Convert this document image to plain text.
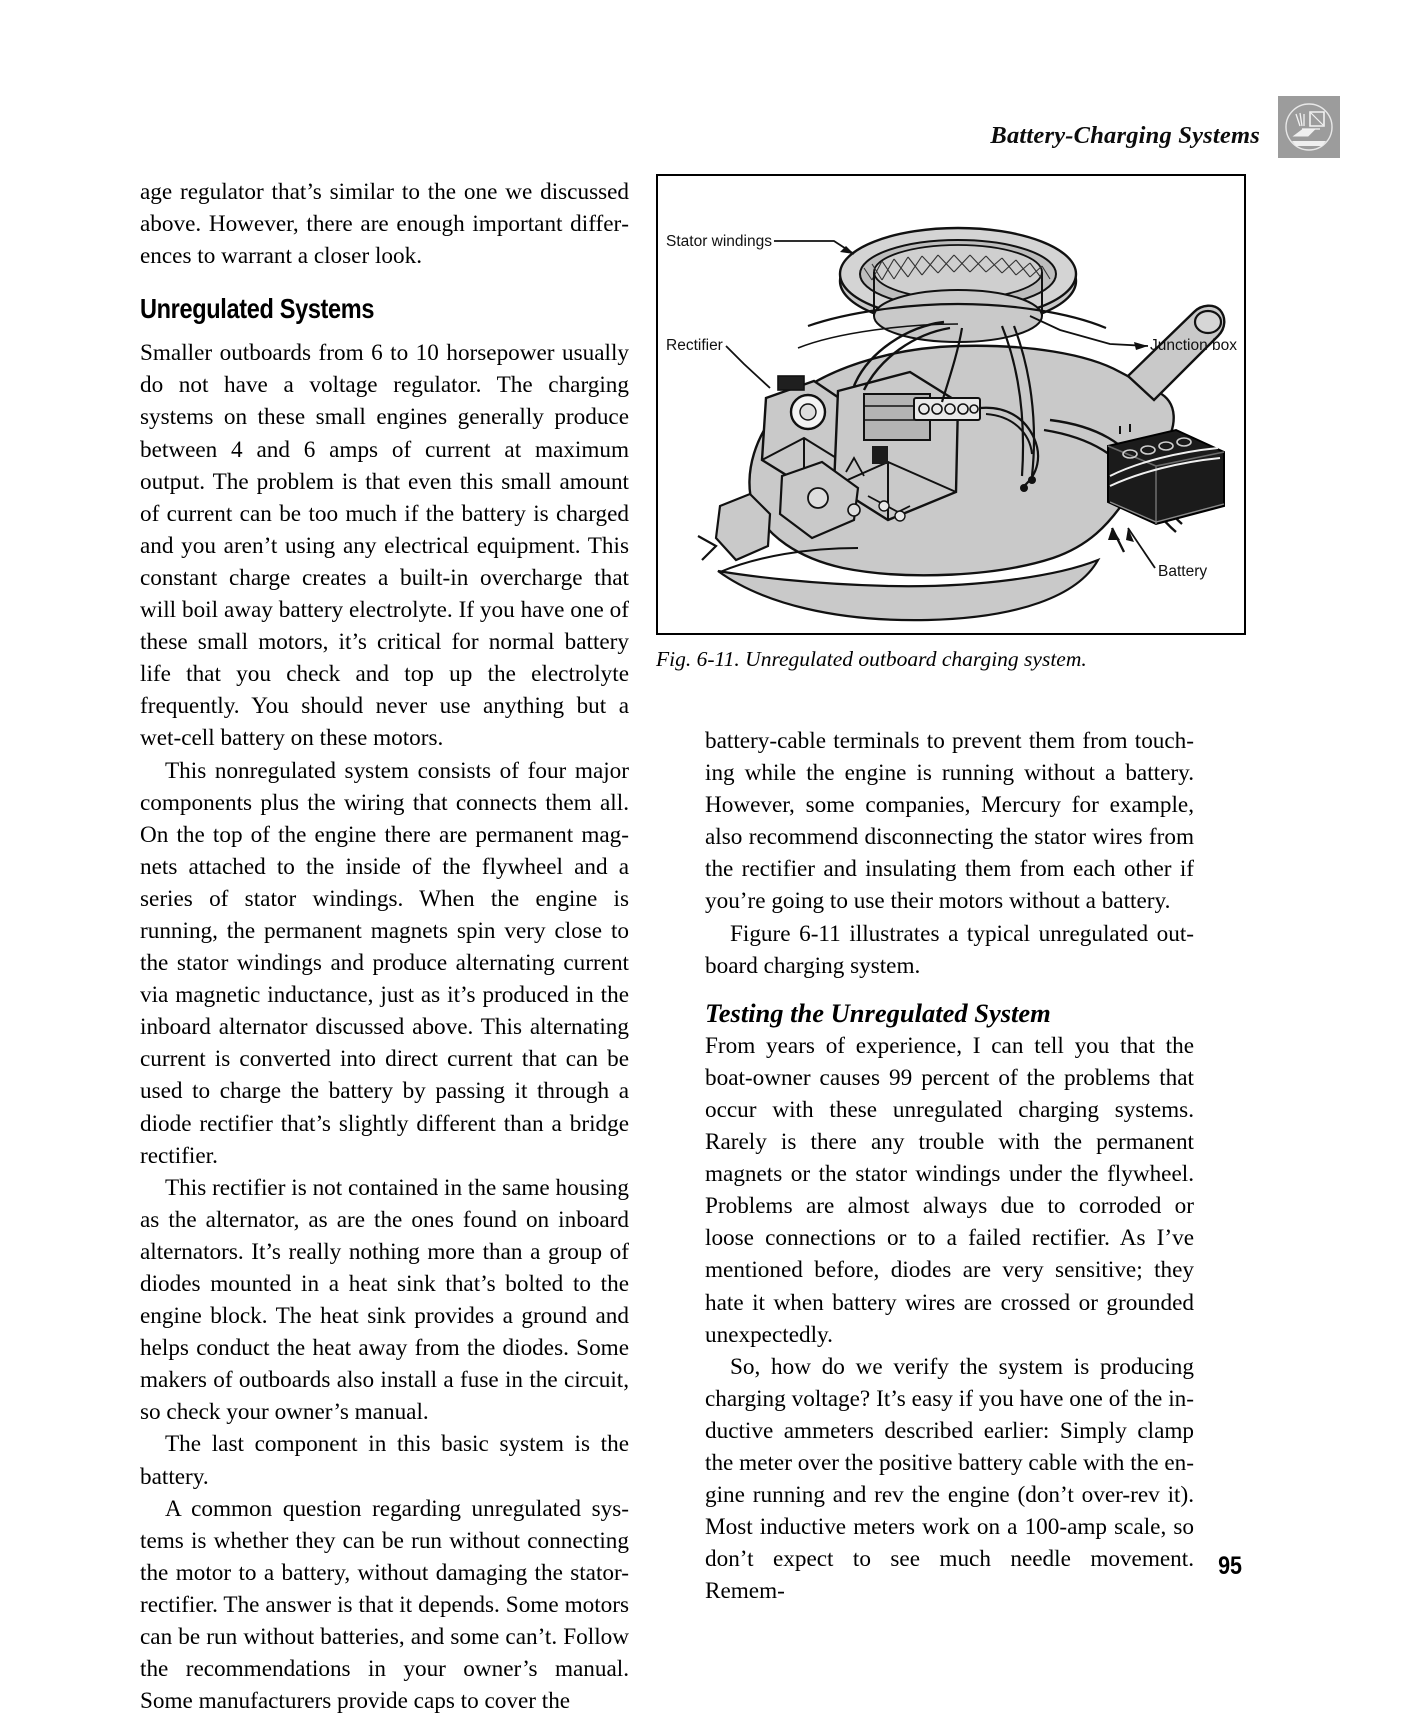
Battery-Charging Systems

age regulator that’s similar to the one we discussed above. However, there are enough important differences to warrant a closer look.

Unregulated Systems

Smaller outboards from 6 to 10 horsepower usually do not have a voltage regulator. The charging systems on these small engines generally produce between 4 and 6 amps of current at maximum output. The problem is that even this small amount of current can be too much if the battery is charged and you aren’t using any electrical equipment. This constant charge creates a built-in overcharge that will boil away battery electrolyte. If you have one of these small motors, it’s critical for normal battery life that you check and top up the electrolyte frequently. You should never use anything but a wet-cell battery on these motors.

This nonregulated system consists of four major components plus the wiring that connects them all. On the top of the engine there are permanent magnets attached to the inside of the flywheel and a series of stator windings. When the engine is running, the permanent magnets spin very close to the stator windings and produce alternating current via magnetic inductance, just as it’s produced in the inboard alternator discussed above. This alternating current is converted into direct current that can be used to charge the battery by passing it through a diode rectifier that’s slightly different than a bridge rectifier.

This rectifier is not contained in the same housing as the alternator, as are the ones found on inboard alternators. It’s really nothing more than a group of diodes mounted in a heat sink that’s bolted to the engine block. The heat sink provides a ground and helps conduct the heat away from the diodes. Some makers of outboards also install a fuse in the circuit, so check your owner’s manual.

The last component in this basic system is the battery.

A common question regarding unregulated systems is whether they can be run without connecting the motor to a battery, without damaging the stator-rectifier. The answer is that it depends. Some motors can be run without batteries, and some can’t. Follow the recommendations in your owner’s manual. Some manufacturers provide caps to cover the

Stator windings
Rectifier	Junction box
Battery
Fig. 6-11. Unregulated outboard charging system.

battery-cable terminals to prevent them from touching while the engine is running without a battery. However, some companies, Mercury for example, also recommend disconnecting the stator wires from the rectifier and insulating them from each other if you’re going to use their motors without a battery.

Figure 6-11 illustrates a typical unregulated outboard charging system.

Testing the Unregulated System

From years of experience, I can tell you that the boat-owner causes 99 percent of the problems that occur with these unregulated charging systems. Rarely is there any trouble with the permanent magnets or the stator windings under the flywheel. Problems are almost always due to corroded or loose connections or to a failed rectifier. As I’ve mentioned before, diodes are very sensitive; they hate it when battery wires are crossed or grounded unexpectedly.

So, how do we verify the system is producing charging voltage? It’s easy if you have one of the inductive ammeters described earlier: Simply clamp the meter over the positive battery cable with the engine running and rev the engine (don’t over-rev it). Most inductive meters work on a 100-amp scale, so don’t expect to see much needle movement. Remem-

95
